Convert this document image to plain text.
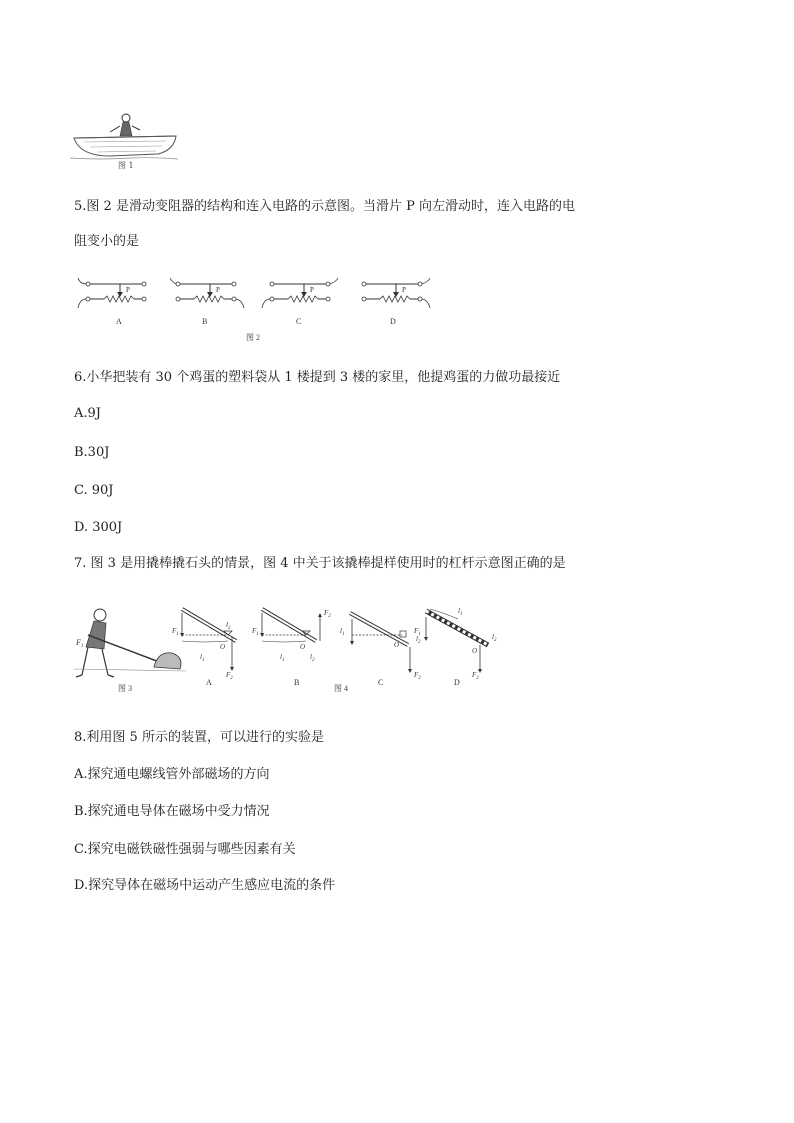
图 1
5.图 2 是滑动变阻器的结构和连入电路的示意图。当滑片 P 向左滑动时，连入电路的电
阻变小的是
P	P	P	P
A	B	C	D
图 2
6.小华把装有 30 个鸡蛋的塑料袋从 1 楼提到 3 楼的家里，他提鸡蛋的力做功最接近
A.9J
B.30J
C. 90J
D. 300J
7. 图 3 是用撬棒撬石头的情景，图 4 中关于该撬棒提样使用时的杠杆示意图正确的是
$F_1$
图 3
$F_1$
$l_1$
$l_2$
O
$F_2$
$F_1$
$l_1$	$l_2$
O
$F_2$
$l_1$
O
$l_2$
$F_2$
$l_1$
$F_1$
O
$l_2$
$F_2$
A	B	C	D
图 4
8.利用图 5 所示的装置，可以进行的实验是
A.探究通电螺线管外部磁场的方向
B.探究通电导体在磁场中受力情况
C.探究电磁铁磁性强弱与哪些因素有关
D.探究导体在磁场中运动产生感应电流的条件
